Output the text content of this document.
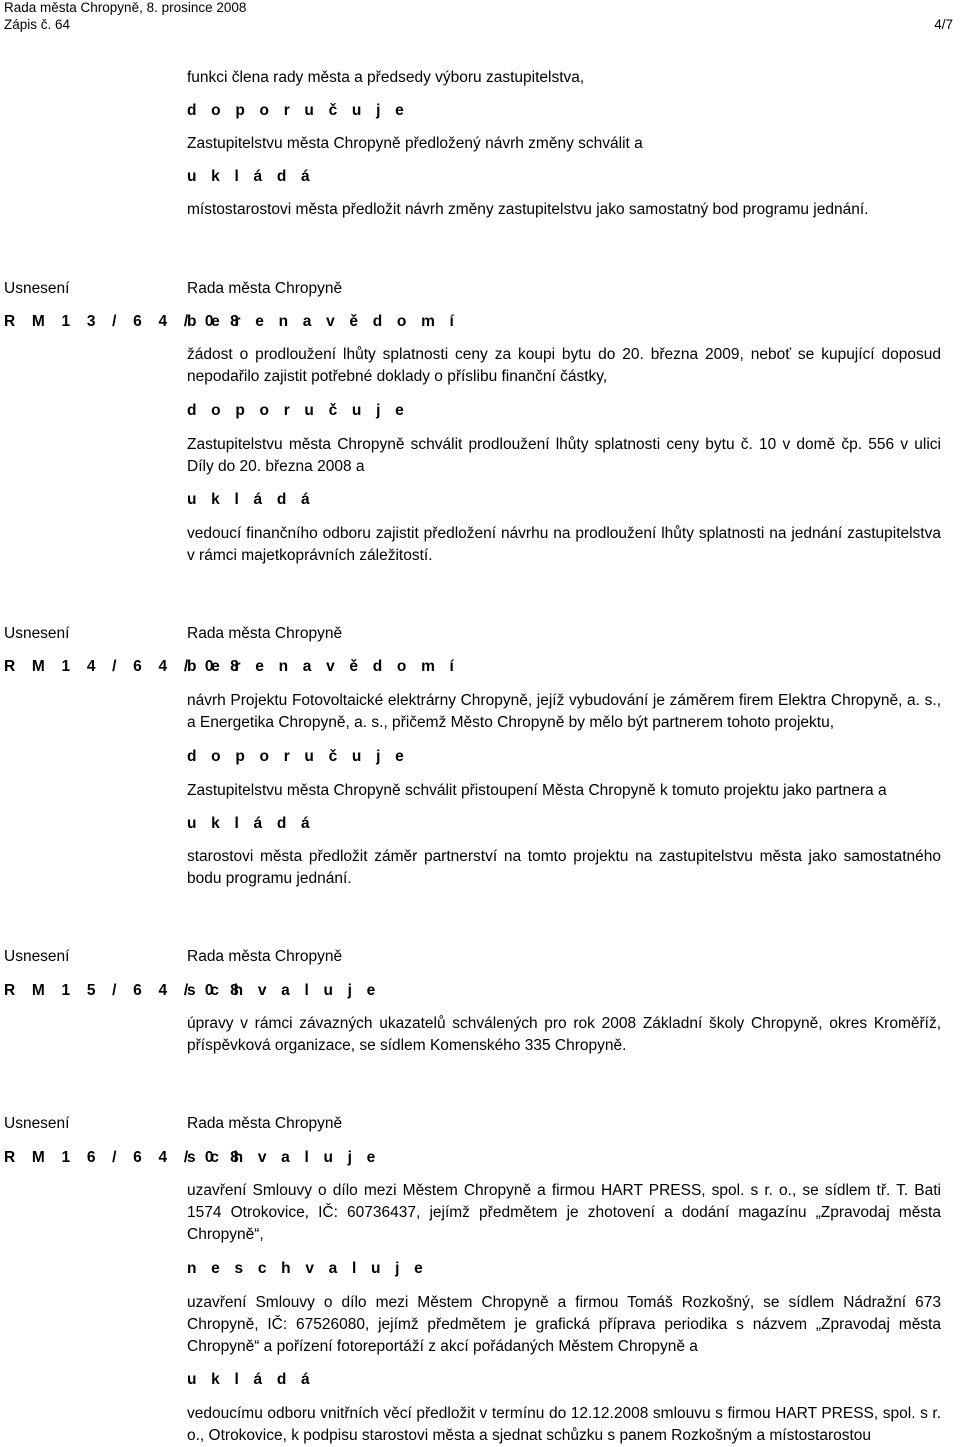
Rada města Chropyně, 8. prosince 2008
Zápis č. 64	4/7

funkci člena rady města a předsedy výboru zastupitelstva,

d o p o r u č u j e

Zastupitelstvu města Chropyně předložený návrh změny schválit a

u k l á d á

místostarostovi města předložit návrh změny zastupitelstvu jako samostatný bod programu jednání.

Usnesení
R M 1 3 / 6 4 / 0 8

Rada města Chropyně

b e r e n a v ě d o m í

žádost o prodloužení lhůty splatnosti ceny za koupi bytu do 20. března 2009, neboť se kupující doposud nepodařilo zajistit potřebné doklady o příslibu finanční částky,

d o p o r u č u j e

Zastupitelstvu města Chropyně schválit prodloužení lhůty splatnosti ceny bytu č. 10 v domě čp. 556 v ulici Díly do 20. března 2008 a

u k l á d á

vedoucí finančního odboru zajistit předložení návrhu na prodloužení lhůty splatnosti na jednání zastupitelstva v rámci majetkoprávních záležitostí.

Usnesení
R M 1 4 / 6 4 / 0 8

Rada města Chropyně

b e r e n a v ě d o m í

návrh Projektu Fotovoltaické elektrárny Chropyně, jejíž vybudování je záměrem firem Elektra Chropyně, a. s., a Energetika Chropyně, a. s., přičemž Město Chropyně by mělo být partnerem tohoto projektu,

d o p o r u č u j e

Zastupitelstvu města Chropyně schválit přistoupení Města Chropyně k tomuto projektu jako partnera a

u k l á d á

starostovi města předložit záměr partnerství na tomto projektu na zastupitelstvu města jako samostatného bodu programu jednání.

Usnesení
R M 1 5 / 6 4 / 0 8

Rada města Chropyně

s c h v a l u j e

úpravy v rámci závazných ukazatelů schválených pro rok 2008 Základní školy Chropyně, okres Kroměříž, příspěvková organizace, se sídlem Komenského 335 Chropyně.

Usnesení
R M 1 6 / 6 4 / 0 8

Rada města Chropyně

s c h v a l u j e

uzavření Smlouvy o dílo mezi Městem Chropyně a firmou HART PRESS, spol. s r. o., se sídlem tř. T. Bati 1574 Otrokovice, IČ: 60736437, jejímž předmětem je zhotovení a dodání magazínu „Zpravodaj města Chropyně“,

n e s c h v a l u j e

uzavření Smlouvy o dílo mezi Městem Chropyně a firmou Tomáš Rozkošný, se sídlem Nádražní 673 Chropyně, IČ: 67526080, jejímž předmětem je grafická příprava periodika s názvem „Zpravodaj města Chropyně“ a pořízení fotoreportáží z akcí pořádaných Městem Chropyně a

u k l á d á

vedoucímu odboru vnitřních věcí předložit v termínu do 12.12.2008 smlouvu s firmou HART PRESS, spol. s r. o., Otrokovice, k podpisu starostovi města a sjednat schůzku s panem Rozkošným a místostarostou
